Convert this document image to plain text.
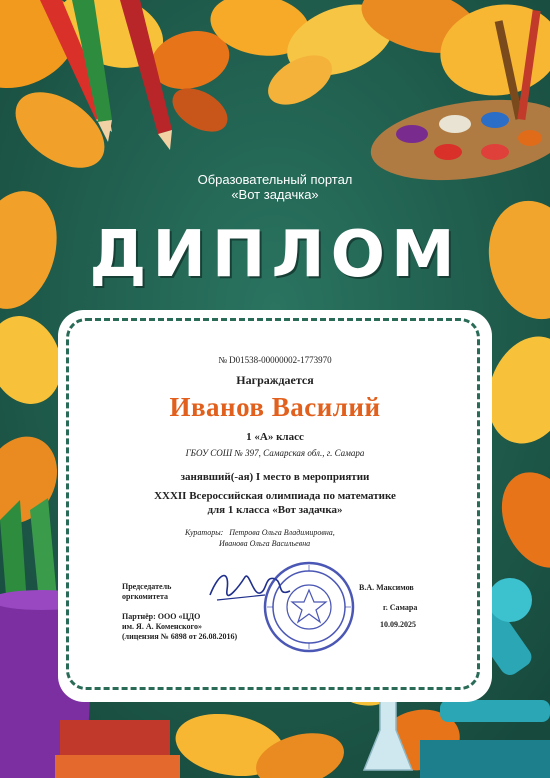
Образовательный портал
«Вот задачка»
ДИПЛОМ
№ D01538-00000002-1773970
Награждается
Иванов Василий
1 «А» класс
ГБОУ СОШ № 397, Самарская обл., г. Самара
занявший(-ая) I место в мероприятии
XXXII Всероссийская олимпиада по математике
для 1 класса «Вот задачка»
Кураторы: Петрова Ольга Владимировна,
Иванова Ольга Васильевна
Председатель
оргкомитета
Партнёр: ООО «ЦДО
им. Я. А. Коменского»
(лицензия № 6898 от 26.08.2016)
В.А. Максимов
г. Самара
10.09.2025
